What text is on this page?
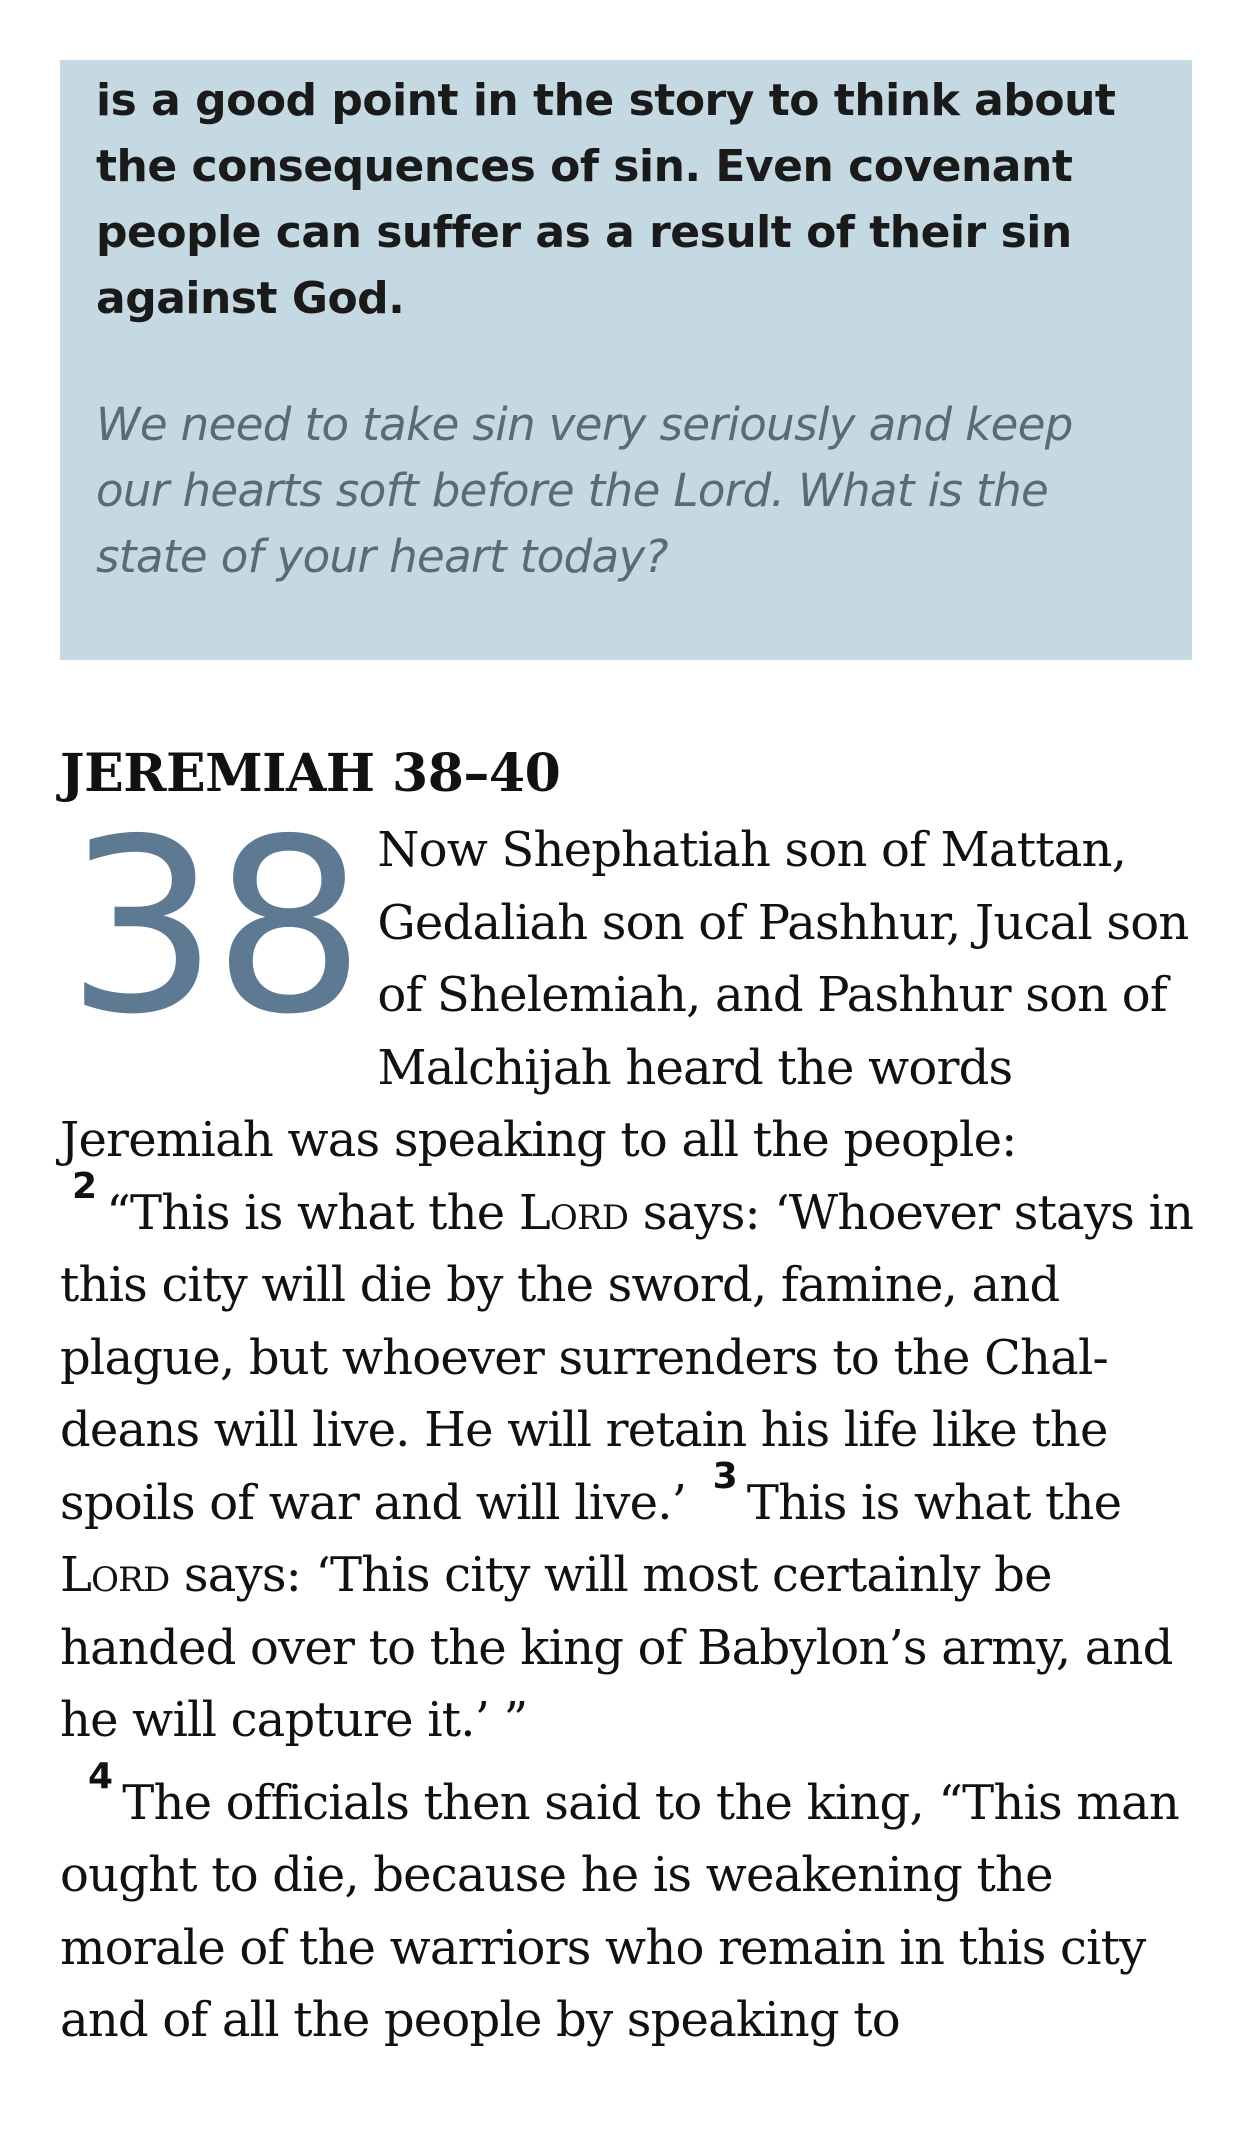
is a good point in the story to think about the consequences of sin. Even covenant people can suffer as a result of their sin against God.

We need to take sin very seriously and keep our hearts soft before the Lord. What is the state of your heart today?

JEREMIAH 38–40
38 Now Shephatiah son of Mattan, Gedaliah son of Pashhur, Jucal son of Shelemiah, and Pashhur son of Malchijah heard the words Jeremiah was speaking to all the people: $^2$ “This is what the Lord says: ‘Whoever stays in this city will die by the sword, famine, and plague, but whoever surrenders to the Chaldeans will live. He will retain his life like the spoils of war and will live.’ $^3$ This is what the Lord says: ‘This city will most certainly be handed over to the king of Babylon’s army, and he will capture it.’ ”
$^4$ The officials then said to the king, “This man ought to die, because he is weakening the morale of the warriors who remain in this city and of all the people by speaking to
